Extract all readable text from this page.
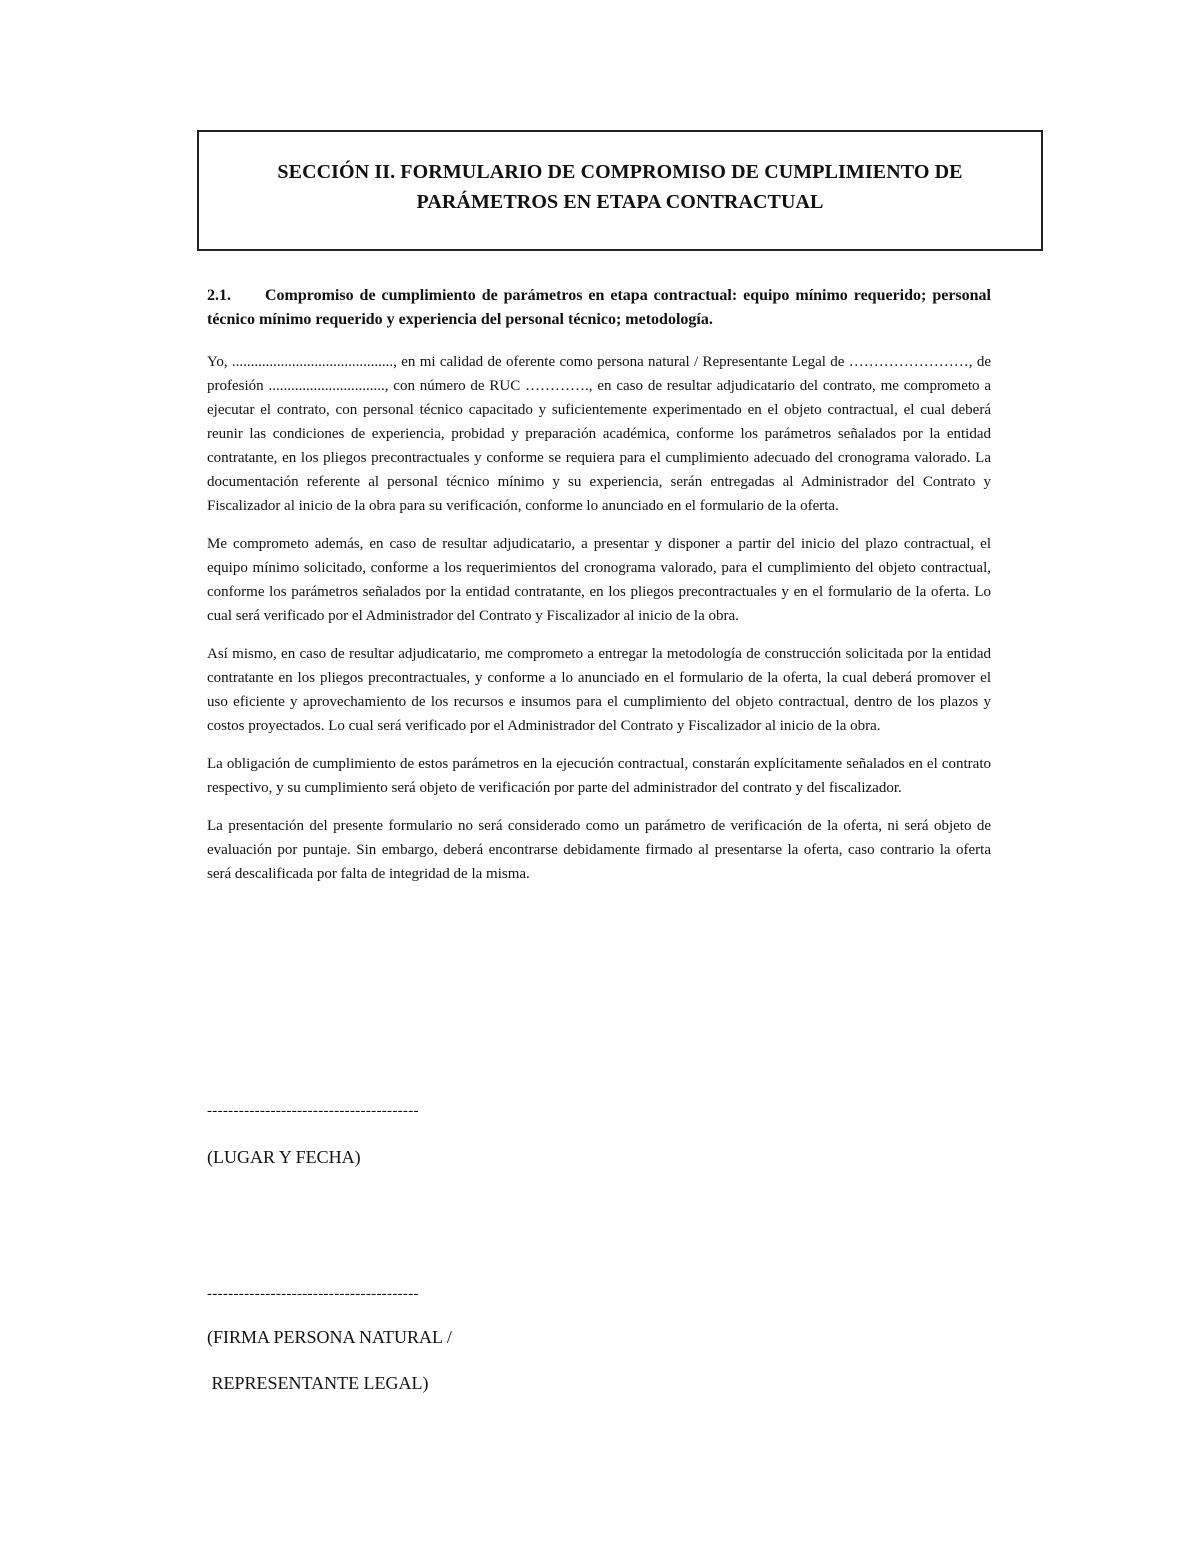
SECCIÓN II. FORMULARIO DE COMPROMISO DE CUMPLIMIENTO DE
PARÁMETROS EN ETAPA CONTRACTUAL

2.1. Compromiso de cumplimiento de parámetros en etapa contractual: equipo mínimo requerido; personal técnico mínimo requerido y experiencia del personal técnico; metodología.

Yo, ..........................................., en mi calidad de oferente como persona natural / Representante Legal de ……………………, de profesión ..............................., con número de RUC …………., en caso de resultar adjudicatario del contrato, me comprometo a ejecutar el contrato, con personal técnico capacitado y suficientemente experimentado en el objeto contractual, el cual deberá reunir las condiciones de experiencia, probidad y preparación académica, conforme los parámetros señalados por la entidad contratante, en los pliegos precontractuales y conforme se requiera para el cumplimiento adecuado del cronograma valorado. La documentación referente al personal técnico mínimo y su experiencia, serán entregadas al Administrador del Contrato y Fiscalizador al inicio de la obra para su verificación, conforme lo anunciado en el formulario de la oferta.

Me comprometo además, en caso de resultar adjudicatario, a presentar y disponer a partir del inicio del plazo contractual, el equipo mínimo solicitado, conforme a los requerimientos del cronograma valorado, para el cumplimiento del objeto contractual, conforme los parámetros señalados por la entidad contratante, en los pliegos precontractuales y en el formulario de la oferta. Lo cual será verificado por el Administrador del Contrato y Fiscalizador al inicio de la obra.

Así mismo, en caso de resultar adjudicatario, me comprometo a entregar la metodología de construcción solicitada por la entidad contratante en los pliegos precontractuales, y conforme a lo anunciado en el formulario de la oferta, la cual deberá promover el uso eficiente y aprovechamiento de los recursos e insumos para el cumplimiento del objeto contractual, dentro de los plazos y costos proyectados. Lo cual será verificado por el Administrador del Contrato y Fiscalizador al inicio de la obra.

La obligación de cumplimiento de estos parámetros en la ejecución contractual, constarán explícitamente señalados en el contrato respectivo, y su cumplimiento será objeto de verificación por parte del administrador del contrato y del fiscalizador.

La presentación del presente formulario no será considerado como un parámetro de verificación de la oferta, ni será objeto de evaluación por puntaje. Sin embargo, deberá encontrarse debidamente firmado al presentarse la oferta, caso contrario la oferta será descalificada por falta de integridad de la misma.

----------------------------------------
(LUGAR Y FECHA)
----------------------------------------
(FIRMA PERSONA NATURAL /
REPRESENTANTE LEGAL)
